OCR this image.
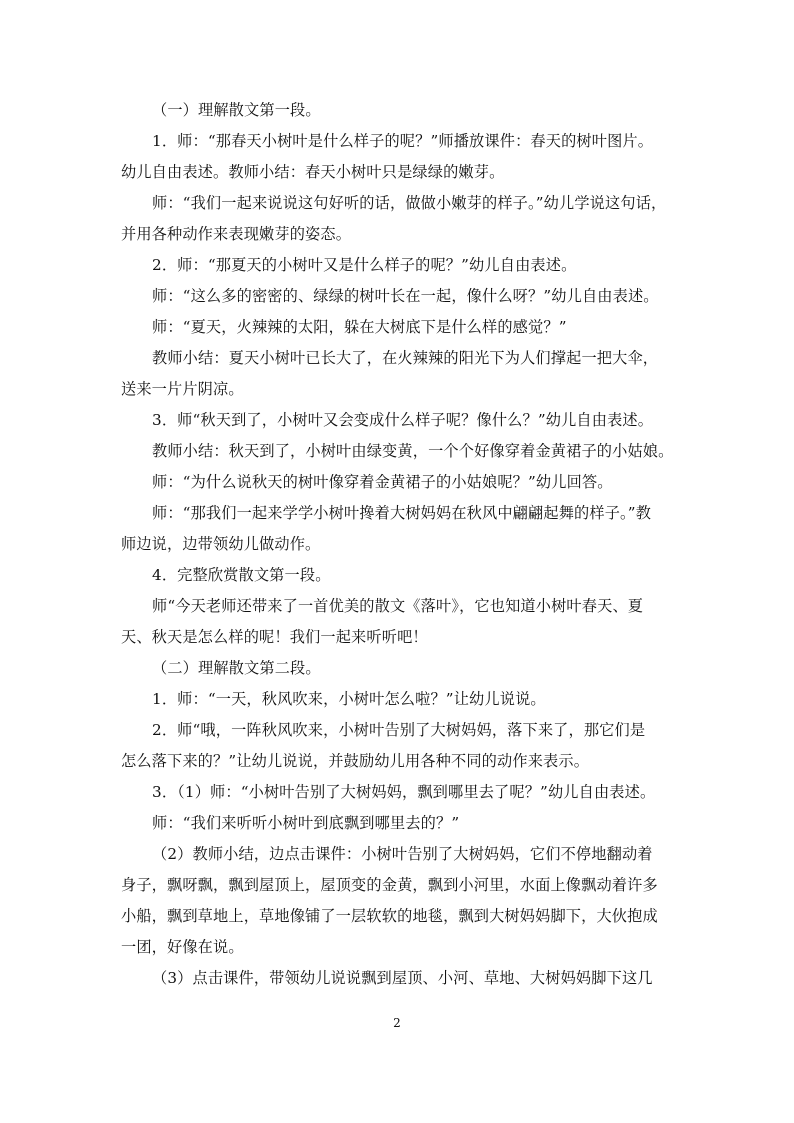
（一）理解散文第一段。
1．师：“那春天小树叶是什么样子的呢？”师播放课件：春天的树叶图片。
幼儿自由表述。教师小结：春天小树叶只是绿绿的嫩芽。
师：“我们一起来说说这句好听的话，做做小嫩芽的样子。”幼儿学说这句话，
并用各种动作来表现嫩芽的姿态。
2．师：“那夏天的小树叶又是什么样子的呢？”幼儿自由表述。
师：“这么多的密密的、绿绿的树叶长在一起，像什么呀？”幼儿自由表述。
师：“夏天，火辣辣的太阳，躲在大树底下是什么样的感觉？”
教师小结：夏天小树叶已长大了，在火辣辣的阳光下为人们撑起一把大伞，
送来一片片阴凉。
3．师“秋天到了，小树叶又会变成什么样子呢？像什么？”幼儿自由表述。
教师小结：秋天到了，小树叶由绿变黄，一个个好像穿着金黄裙子的小姑娘。
师：“为什么说秋天的树叶像穿着金黄裙子的小姑娘呢？”幼儿回答。
师：“那我们一起来学学小树叶搀着大树妈妈在秋风中翩翩起舞的样子。”教
师边说，边带领幼儿做动作。
4．完整欣赏散文第一段。
师“今天老师还带来了一首优美的散文《落叶》，它也知道小树叶春天、夏
天、秋天是怎么样的呢！我们一起来听听吧！
（二）理解散文第二段。
1．师：“一天，秋风吹来，小树叶怎么啦？”让幼儿说说。
2．师“哦，一阵秋风吹来，小树叶告别了大树妈妈，落下来了，那它们是
怎么落下来的？”让幼儿说说，并鼓励幼儿用各种不同的动作来表示。
3．（1）师：“小树叶告别了大树妈妈，飘到哪里去了呢？”幼儿自由表述。
师：“我们来听听小树叶到底飘到哪里去的？”
（2）教师小结，边点击课件：小树叶告别了大树妈妈，它们不停地翻动着
身子，飘呀飘，飘到屋顶上，屋顶变的金黄，飘到小河里，水面上像飘动着许多
小船，飘到草地上，草地像铺了一层软软的地毯，飘到大树妈妈脚下，大伙抱成
一团，好像在说。
（3）点击课件，带领幼儿说说飘到屋顶、小河、草地、大树妈妈脚下这几
2
